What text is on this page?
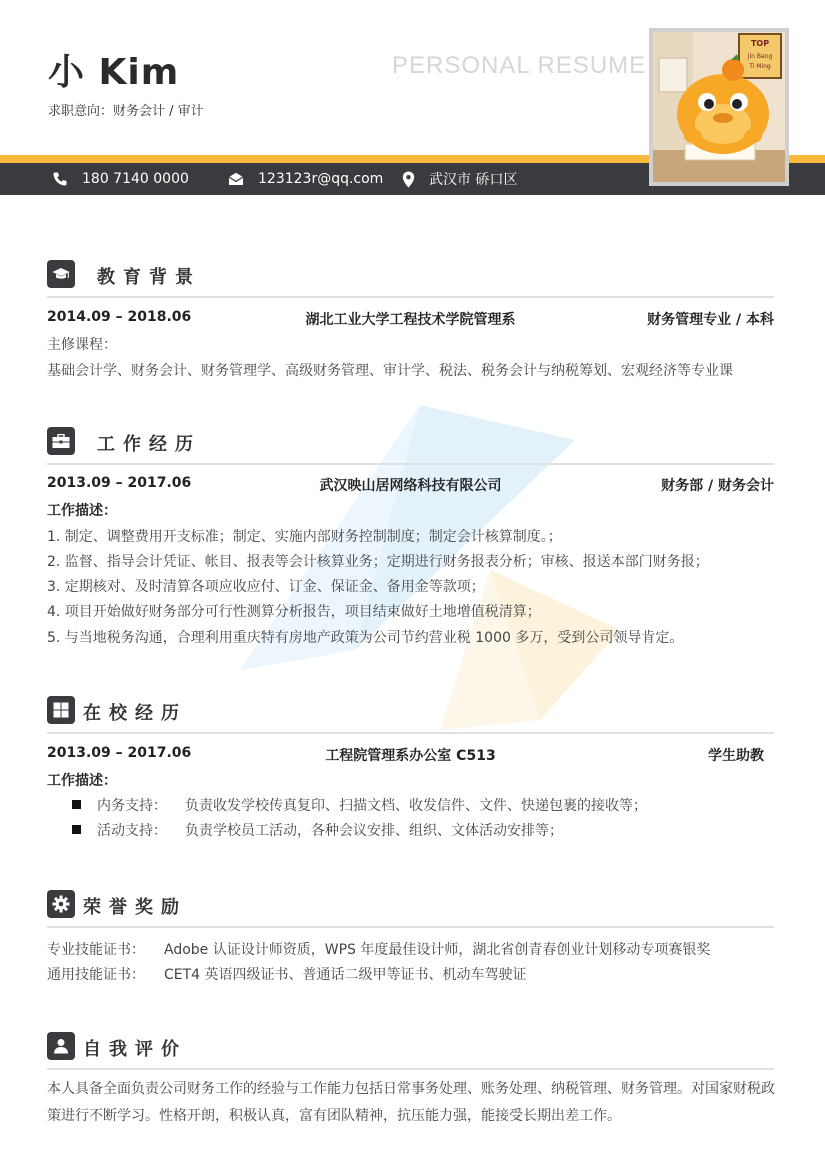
小 Kim
求职意向：财务会计 / 审计
PERSONAL RESUME
180 7140 0000	123123r@qq.com	武汉市 硚口区
TOP
Jin Bang
Ti Ming
教育背景
2014.09 – 2018.06	湖北工业大学工程技术学院管理系	财务管理专业 / 本科
主修课程：
基础会计学、财务会计、财务管理学、高级财务管理、审计学、税法、税务会计与纳税筹划、宏观经济等专业课
工作经历
2013.09 – 2017.06	武汉映山居网络科技有限公司	财务部 / 财务会计
工作描述：
1. 制定、调整费用开支标准；制定、实施内部财务控制制度；制定会计核算制度。；
2. 监督、指导会计凭证、帐目、报表等会计核算业务；定期进行财务报表分析；审核、报送本部门财务报；
3. 定期核对、及时清算各项应收应付、订金、保证金、备用金等款项；
4. 项目开始做好财务部分可行性测算分析报告，项目结束做好土地增值税清算；
5. 与当地税务沟通，合理利用重庆特有房地产政策为公司节约营业税 1000 多万，受到公司领导肯定。
在校经历
2013.09 – 2017.06	工程院管理系办公室 C513	学生助教
工作描述：
内务支持： 负责收发学校传真复印、扫描文档、收发信件、文件、快递包裹的接收等；
活动支持： 负责学校员工活动，各种会议安排、组织、文体活动安排等；
荣誉奖励
专业技能证书： Adobe 认证设计师资质，WPS 年度最佳设计师，湖北省创青春创业计划移动专项赛银奖
通用技能证书： CET4 英语四级证书、普通话二级甲等证书、机动车驾驶证
自我评价
本人具备全面负责公司财务工作的经验与工作能力包括日常事务处理、账务处理、纳税管理、财务管理。对国家财税政策进行不断学习。性格开朗，积极认真，富有团队精神，抗压能力强，能接受长期出差工作。
